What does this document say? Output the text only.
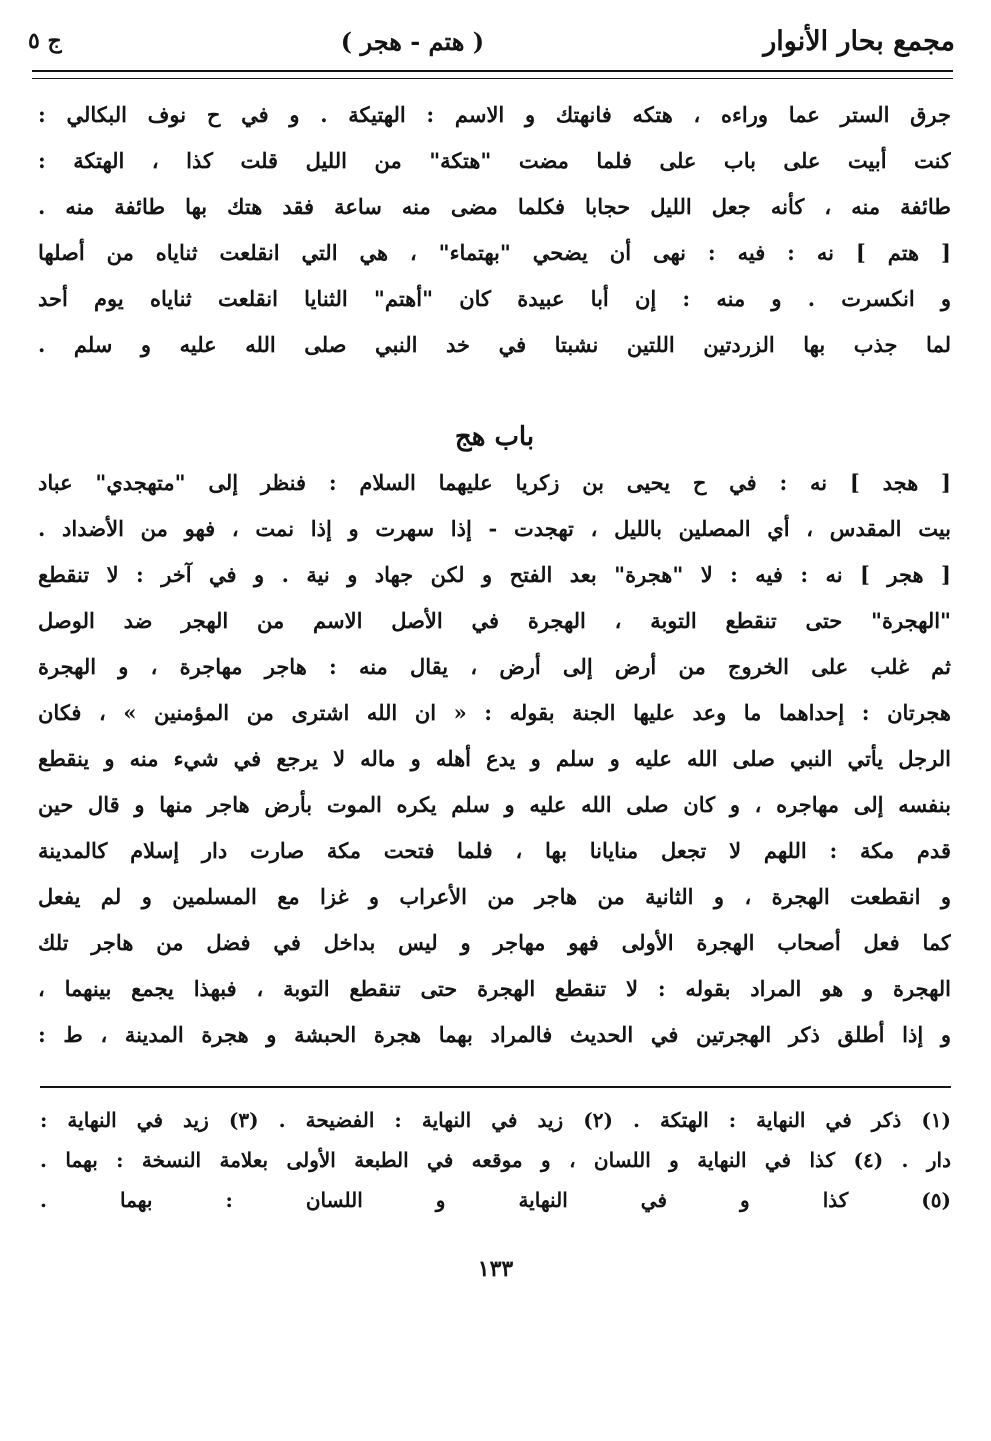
مجمع بحار الأنوار
( هتم - هجر )
ج ٥
جرق الستر عما وراءه ، هتكه فانهتك و الاسم : الهتيكة . و في ح نوف البكالي :
كنت أبيت على باب على فلما مضت "هتكة" من الليل قلت كذا ، الهتكة :
طائفة منه ، كأنه جعل الليل حجابا فكلما مضى منه ساعة فقد هتك بها طائفة منه .
[ هتم ] نه : فيه : نهى أن يضحي "بهتماء" ، هي التي انقلعت ثناياه من أصلها
و انكسرت . و منه : إن أبا عبيدة كان "أهتم" الثنايا انقلعت ثناياه يوم أحد
لما جذب بها الزردتين اللتين نشبتا في خد النبي صلى الله عليه و سلم .
باب هج
[ هجد ] نه : في ح يحيى بن زكريا عليهما السلام : فنظر إلى "متهجدي" عباد
بيت المقدس ، أي المصلين بالليل ، تهجدت - إذا سهرت و إذا نمت ، فهو من الأضداد .
[ هجر ] نه : فيه : لا "هجرة" بعد الفتح و لكن جهاد و نية . و في آخر : لا تنقطع
"الهجرة" حتى تنقطع التوبة ، الهجرة في الأصل الاسم من الهجر ضد الوصل
ثم غلب على الخروج من أرض إلى أرض ، يقال منه : هاجر مهاجرة ، و الهجرة
هجرتان : إحداهما ما وعد عليها الجنة بقوله : « ان الله اشترى من المؤمنين » ، فكان
الرجل يأتي النبي صلى الله عليه و سلم و يدع أهله و ماله لا يرجع في شيء منه و ينقطع
بنفسه إلى مهاجره ، و كان صلى الله عليه و سلم يكره الموت بأرض هاجر منها و قال حين
قدم مكة : اللهم لا تجعل منايانا بها ، فلما فتحت مكة صارت دار إسلام كالمدينة
و انقطعت الهجرة ، و الثانية من هاجر من الأعراب و غزا مع المسلمين و لم يفعل
كما فعل أصحاب الهجرة الأولى فهو مهاجر و ليس بداخل في فضل من هاجر تلك
الهجرة و هو المراد بقوله : لا تنقطع الهجرة حتى تنقطع التوبة ، فبهذا يجمع بينهما ،
و إذا أطلق ذكر الهجرتين في الحديث فالمراد بهما هجرة الحبشة و هجرة المدينة ، ط :
(١) ذكر في النهاية : الهتكة . (٢) زيد في النهاية : الفضيحة . (٣) زيد في النهاية :
دار . (٤) كذا في النهاية و اللسان ، و موقعه في الطبعة الأولى بعلامة النسخة : بهما .
(٥) كذا و في النهاية و اللسان : بهما .
١٣٣
